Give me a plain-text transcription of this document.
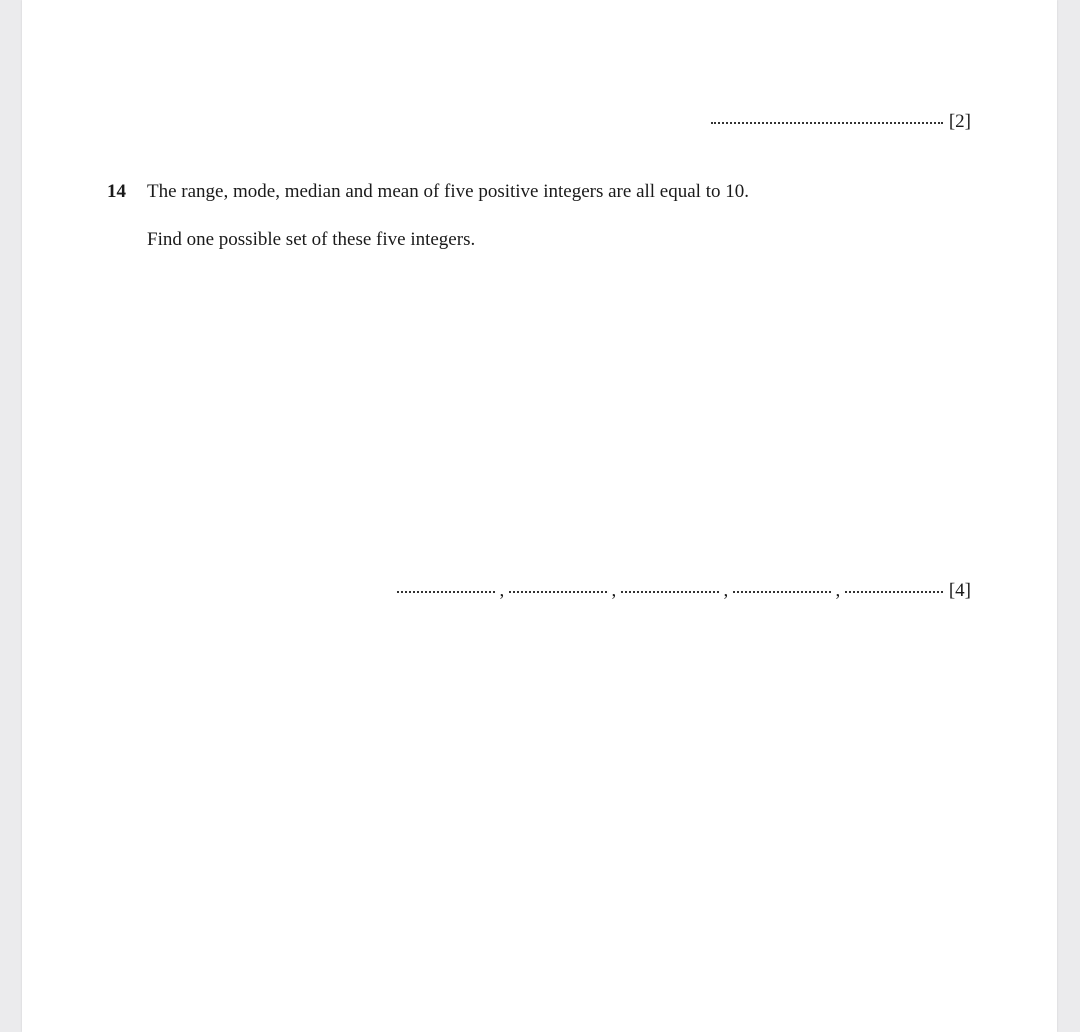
[2]
14 The range, mode, median and mean of five positive integers are all equal to 10.
Find one possible set of these five integers.
,	,	,	,	[4]
